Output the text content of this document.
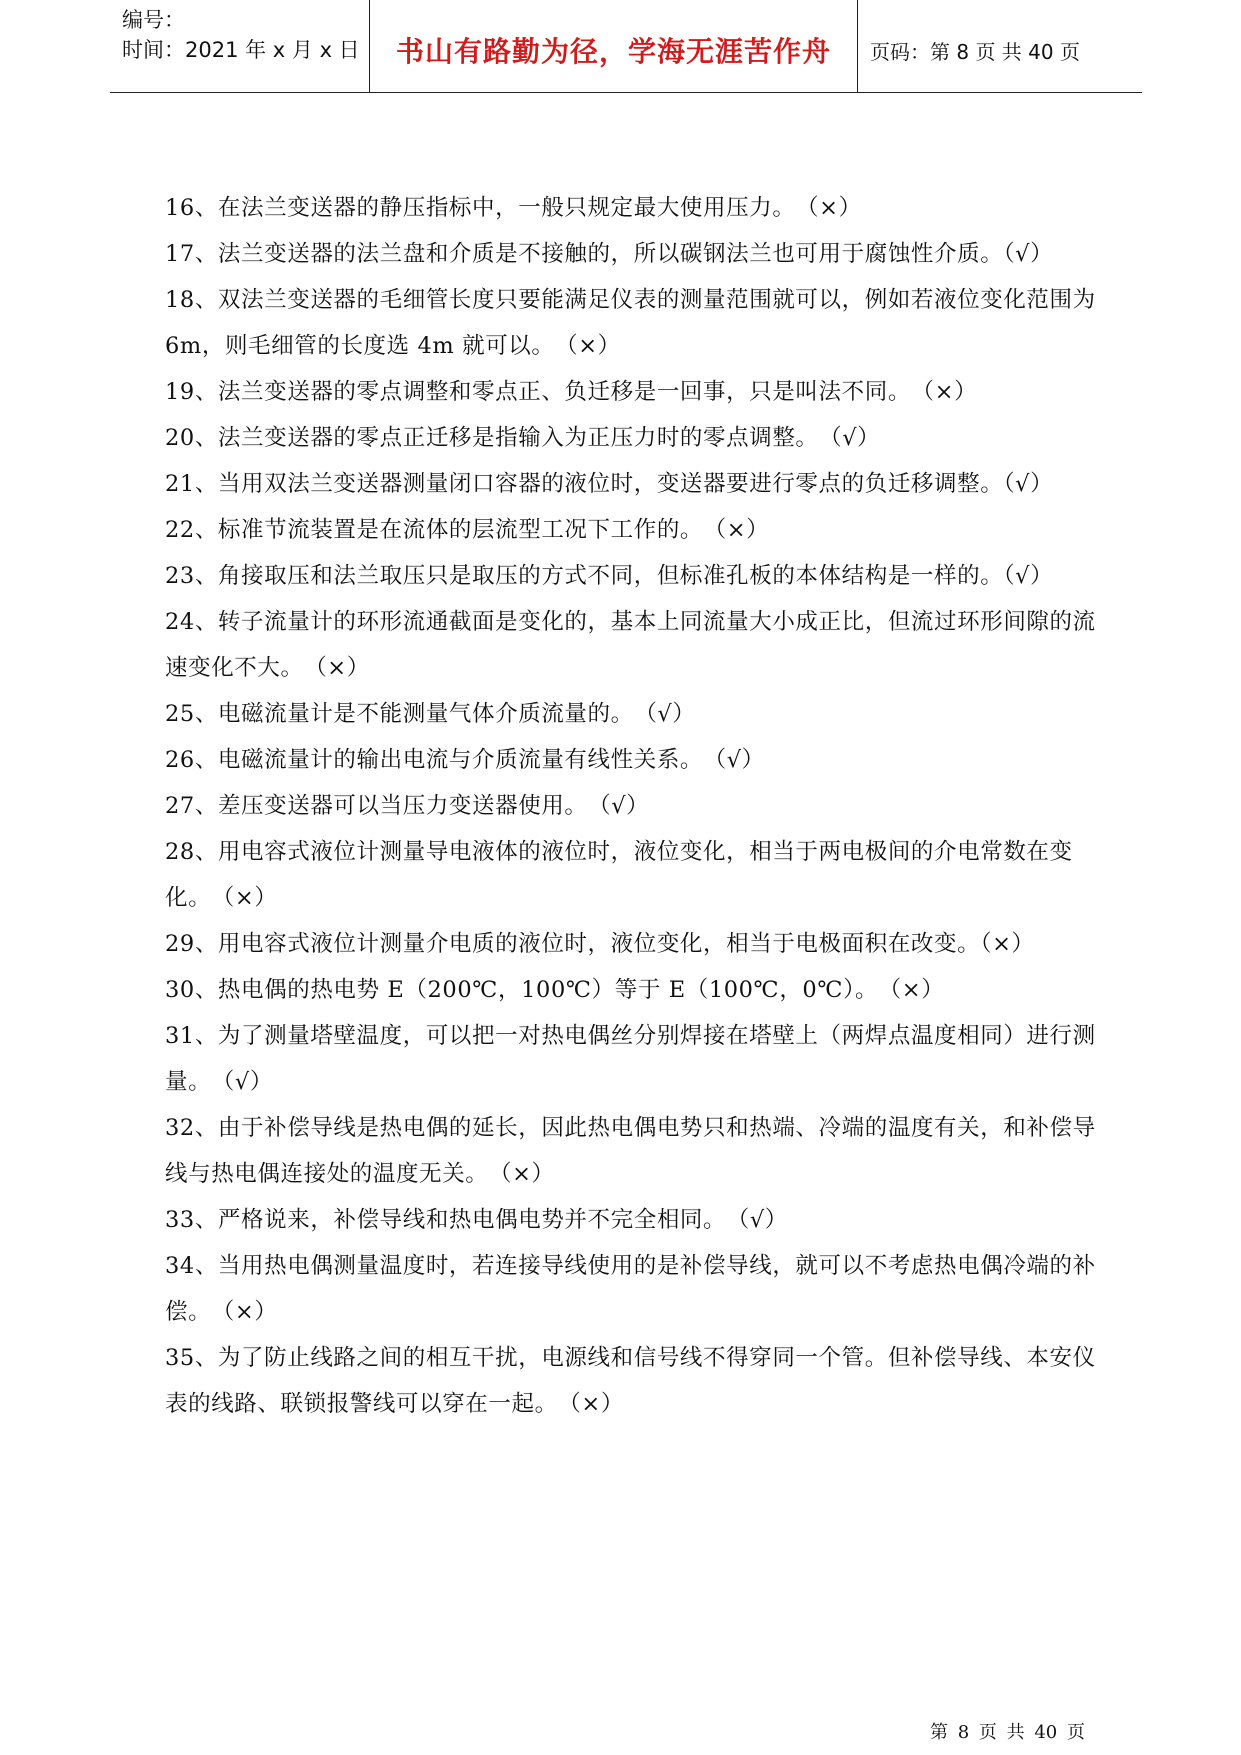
编号：
时间：2021 年 x 月 x 日	书山有路勤为径，学海无涯苦作舟	页码：第 8 页 共 40 页

16、在法兰变送器的静压指标中，一般只规定最大使用压力。　（×）

17、法兰变送器的法兰盘和介质是不接触的，所以碳钢法兰也可用于腐蚀性介质。（√）

18、双法兰变送器的毛细管长度只要能满足仪表的测量范围就可以，例如若液位变化范围为 6m，则毛细管的长度选 4m 就可以。　（×）

19、法兰变送器的零点调整和零点正、负迁移是一回事，只是叫法不同。　（×）

20、法兰变送器的零点正迁移是指输入为正压力时的零点调整。　（√）

21、当用双法兰变送器测量闭口容器的液位时，变送器要进行零点的负迁移调整。（√）

22、标准节流装置是在流体的层流型工况下工作的。　（×）

23、角接取压和法兰取压只是取压的方式不同，但标准孔板的本体结构是一样的。（√）

24、转子流量计的环形流通截面是变化的，基本上同流量大小成正比，但流过环形间隙的流速变化不大。　（×）

25、电磁流量计是不能测量气体介质流量的。　（√）

26、电磁流量计的输出电流与介质流量有线性关系。　（√）

27、差压变送器可以当压力变送器使用。　（√）

28、用电容式液位计测量导电液体的液位时，液位变化，相当于两电极间的介电常数在变化。　（×）

29、用电容式液位计测量介电质的液位时，液位变化，相当于电极面积在改变。（×）

30、热电偶的热电势 E（200℃，100℃）等于 E（100℃，0℃）。　（×）

31、为了测量塔壁温度，可以把一对热电偶丝分别焊接在塔壁上（两焊点温度相同）进行测量。　（√）

32、由于补偿导线是热电偶的延长，因此热电偶电势只和热端、冷端的温度有关，和补偿导线与热电偶连接处的温度无关。　（×）

33、严格说来，补偿导线和热电偶电势并不完全相同。　（√）

34、当用热电偶测量温度时，若连接导线使用的是补偿导线，就可以不考虑热电偶冷端的补偿。　（×）

35、为了防止线路之间的相互干扰，电源线和信号线不得穿同一个管。但补偿导线、本安仪表的线路、联锁报警线可以穿在一起。　（×）

第 8 页 共 40 页
